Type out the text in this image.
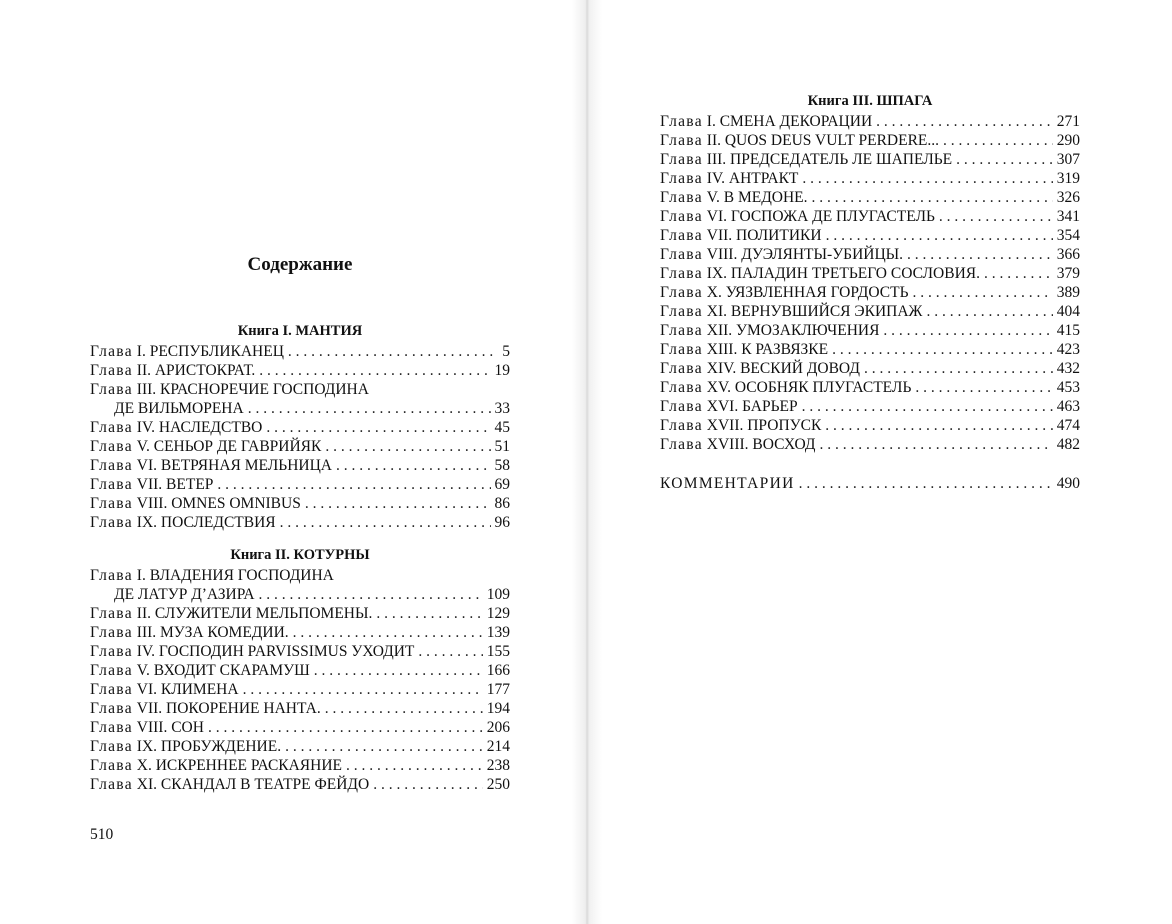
Содержание
Книга I. МАНТИЯ
Глава I. РЕСПУБЛИКАНЕЦ . . .	5
Глава II. АРИСТОКРАТ. . . .	19
Глава III. КРАСНОРЕЧИЕ ГОСПОДИНА
ДЕ ВИЛЬМОРЕНА . . .	33
Глава IV. НАСЛЕДСТВО . . .	45
Глава V. СЕНЬОР ДЕ ГАВРИЙЯК . . .	51
Глава VI. ВЕТРЯНАЯ МЕЛЬНИЦА . . .	58
Глава VII. ВЕТЕР . . .	69
Глава VIII. OMNES OMNIBUS . . .	86
Глава IX. ПОСЛЕДСТВИЯ . . .	96
Книга II. КОТУРНЫ
Глава I. ВЛАДЕНИЯ ГОСПОДИНА
ДЕ ЛАТУР Д’АЗИРА . . .	109
Глава II. СЛУЖИТЕЛИ МЕЛЬПОМЕНЫ. . . .	129
Глава III. МУЗА КОМЕДИИ. . . .	139
Глава IV. ГОСПОДИН PARVISSIMUS УХОДИТ . . .	155
Глава V. ВХОДИТ СКАРАМУШ . . .	166
Глава VI. КЛИМЕНА . . .	177
Глава VII. ПОКОРЕНИЕ НАНТА. . . .	194
Глава VIII. СОН . . .	206
Глава IX. ПРОБУЖДЕНИЕ. . . .	214
Глава X. ИСКРЕННЕЕ РАСКАЯНИЕ . . .	238
Глава XI. СКАНДАЛ В ТЕАТРЕ ФЕЙДО . . .	250
510
Книга III. ШПАГА
Глава I. СМЕНА ДЕКОРАЦИИ . . .	271
Глава II. QUOS DEUS VULT PERDERE... . . .	290
Глава III. ПРЕДСЕДАТЕЛЬ ЛЕ ШАПЕЛЬЕ . . .	307
Глава IV. АНТРАКТ . . .	319
Глава V. В МЕДОНЕ. . . .	326
Глава VI. ГОСПОЖА ДЕ ПЛУГАСТЕЛЬ . . .	341
Глава VII. ПОЛИТИКИ . . .	354
Глава VIII. ДУЭЛЯНТЫ-УБИЙЦЫ. . . .	366
Глава IX. ПАЛАДИН ТРЕТЬЕГО СОСЛОВИЯ. . . .	379
Глава X. УЯЗВЛЕННАЯ ГОРДОСТЬ . . .	389
Глава XI. ВЕРНУВШИЙСЯ ЭКИПАЖ . . .	404
Глава XII. УМОЗАКЛЮЧЕНИЯ . . .	415
Глава XIII. К РАЗВЯЗКЕ . . .	423
Глава XIV. ВЕСКИЙ ДОВОД . . .	432
Глава XV. ОСОБНЯК ПЛУГАСТЕЛЬ . . .	453
Глава XVI. БАРЬЕР . . .	463
Глава XVII. ПРОПУСК . . .	474
Глава XVIII. ВОСХОД . . .	482
КОММЕНТАРИИ . . .	490
